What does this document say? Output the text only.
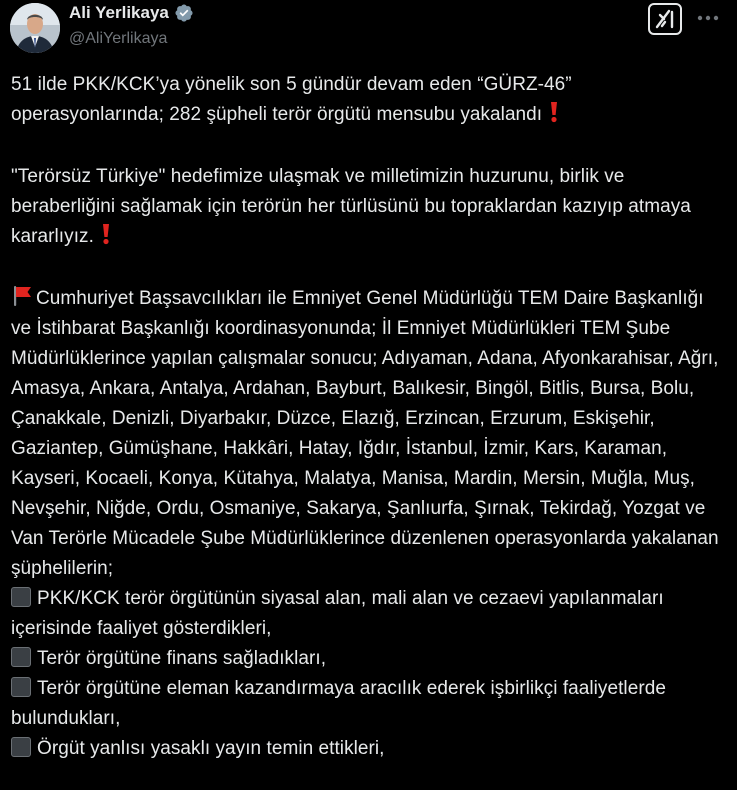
Ali Yerlikaya
@AliYerlikaya

51 ilde PKK/KCK’ya yönelik son 5 gündür devam eden “GÜRZ-46” operasyonlarında; 282 şüpheli terör örgütü mensubu yakalandı

"Terörsüz Türkiye" hedefimize ulaşmak ve milletimizin huzurunu, birlik ve beraberliğini sağlamak için terörün her türlüsünü bu topraklardan kazıyıp atmaya kararlıyız.

Cumhuriyet Başsavcılıkları ile Emniyet Genel Müdürlüğü TEM Daire Başkanlığı ve İstihbarat Başkanlığı koordinasyonunda; İl Emniyet Müdürlükleri TEM Şube Müdürlüklerince yapılan çalışmalar sonucu; Adıyaman, Adana, Afyonkarahisar, Ağrı, Amasya, Ankara, Antalya, Ardahan, Bayburt, Balıkesir, Bingöl, Bitlis, Bursa, Bolu, Çanakkale, Denizli, Diyarbakır, Düzce, Elazığ, Erzincan, Erzurum, Eskişehir, Gaziantep, Gümüşhane, Hakkâri, Hatay, Iğdır, İstanbul, İzmir, Kars, Karaman, Kayseri, Kocaeli, Konya, Kütahya, Malatya, Manisa, Mardin, Mersin, Muğla, Muş, Nevşehir, Niğde, Ordu, Osmaniye, Sakarya, Şanlıurfa, Şırnak, Tekirdağ, Yozgat ve Van Terörle Mücadele Şube Müdürlüklerince düzenlenen operasyonlarda yakalanan şüphelilerin;

PKK/KCK terör örgütünün siyasal alan, mali alan ve cezaevi yapılanmaları içerisinde faaliyet gösterdikleri,

Terör örgütüne finans sağladıkları,

Terör örgütüne eleman kazandırmaya aracılık ederek işbirlikçi faaliyetlerde bulundukları,

Örgüt yanlısı yasaklı yayın temin ettikleri,
